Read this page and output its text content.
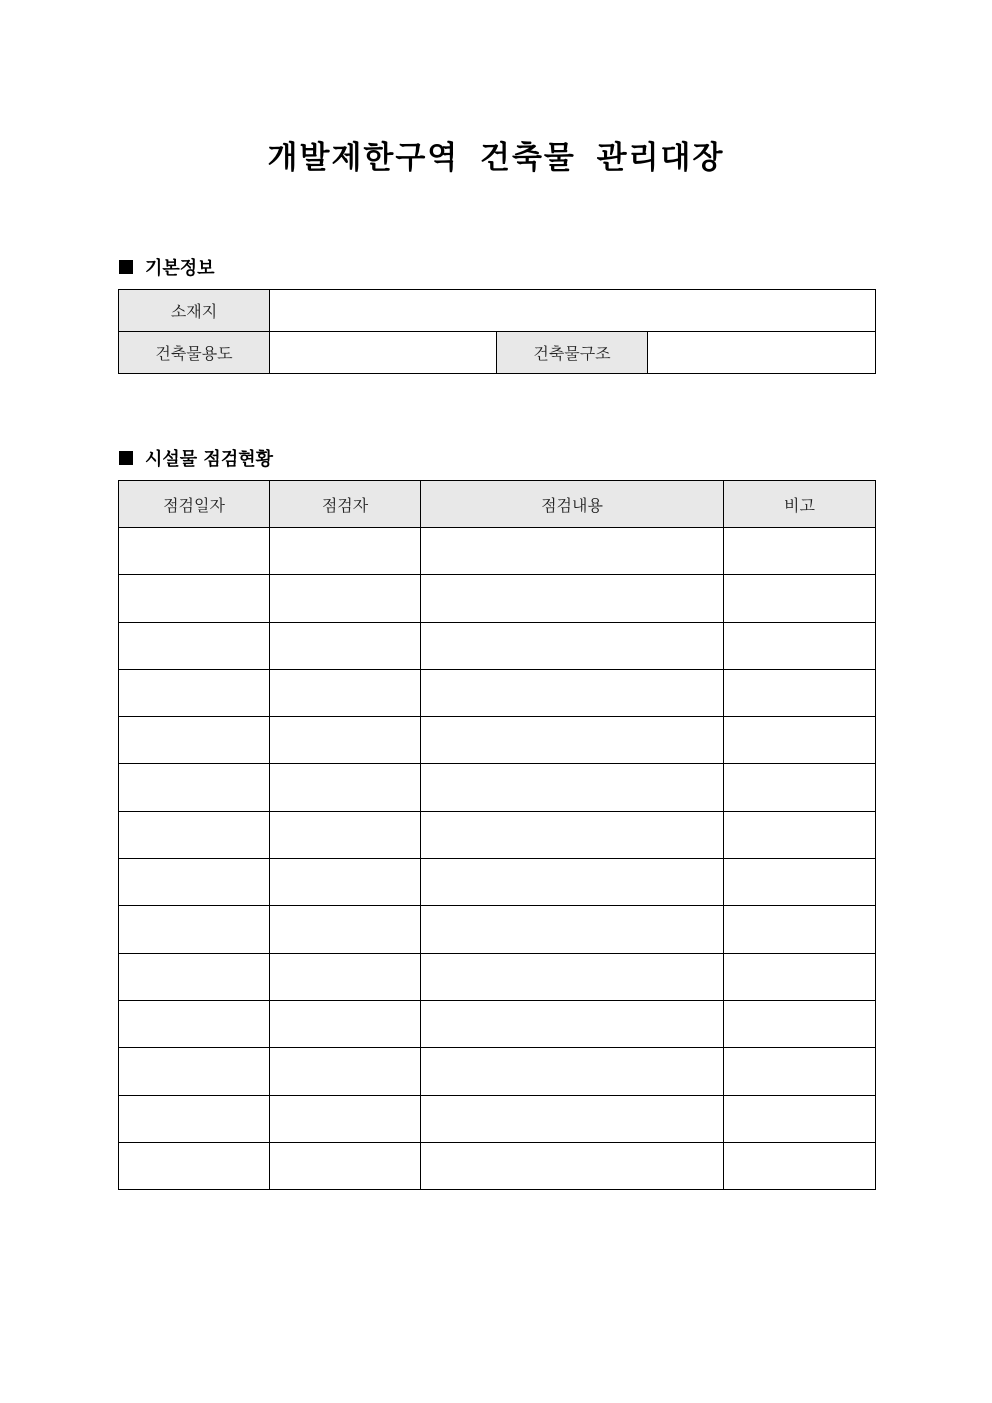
개발제한구역 건축물 관리대장
기본정보
소재지			
건축물용도		건축물구조	
시설물 점검현황
점검일자	점검자	점검내용	비고
